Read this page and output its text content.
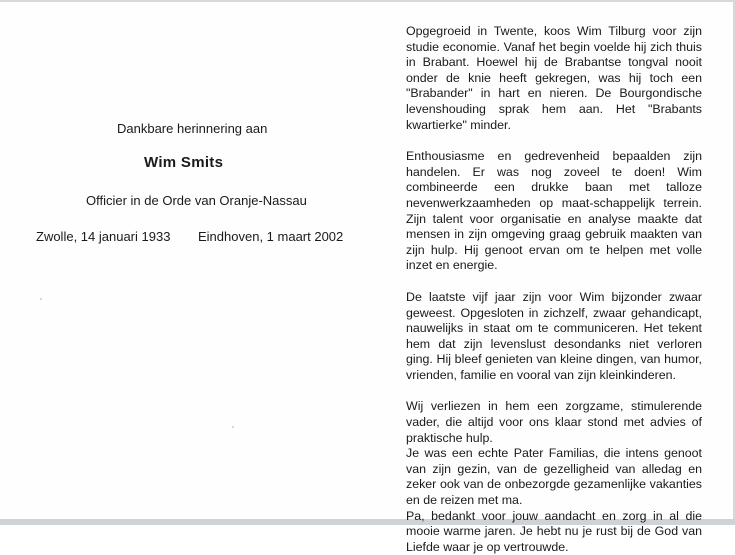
Dankbare herinnering aan
Wim Smits
Officier in de Orde van Oranje-Nassau
Zwolle, 14 januari 1933 Eindhoven, 1 maart 2002

Opgegroeid in Twente, koos Wim Tilburg voor zijn studie economie. Vanaf het begin voelde hij zich thuis in Brabant. Hoewel hij de Brabantse tongval nooit onder de knie heeft gekregen, was hij toch een "Brabander" in hart en nieren. De Bourgondische levenshouding sprak hem aan. Het "Brabants kwartierke" minder.

Enthousiasme en gedrevenheid bepaalden zijn handelen. Er was nog zoveel te doen! Wim combineerde een drukke baan met talloze nevenwerkzaamheden op maat-schappelijk terrein. Zijn talent voor organisatie en analyse maakte dat mensen in zijn omgeving graag gebruik maakten van zijn hulp. Hij genoot ervan om te helpen met volle inzet en energie.

De laatste vijf jaar zijn voor Wim bijzonder zwaar geweest. Opgesloten in zichzelf, zwaar gehandicapt, nauwelijks in staat om te communiceren. Het tekent hem dat zijn levenslust desondanks niet verloren ging. Hij bleef genieten van kleine dingen, van humor, vrienden, familie en vooral van zijn kleinkinderen.

Wij verliezen in hem een zorgzame, stimulerende vader, die altijd voor ons klaar stond met advies of praktische hulp.
Je was een echte Pater Familias, die intens genoot van zijn gezin, van de gezelligheid van alledag en zeker ook van de onbezorgde gezamenlijke vakanties en de reizen met ma.
Pa, bedankt voor jouw aandacht en zorg in al die mooie warme jaren. Je hebt nu je rust bij de God van Liefde waar je op vertrouwde.
